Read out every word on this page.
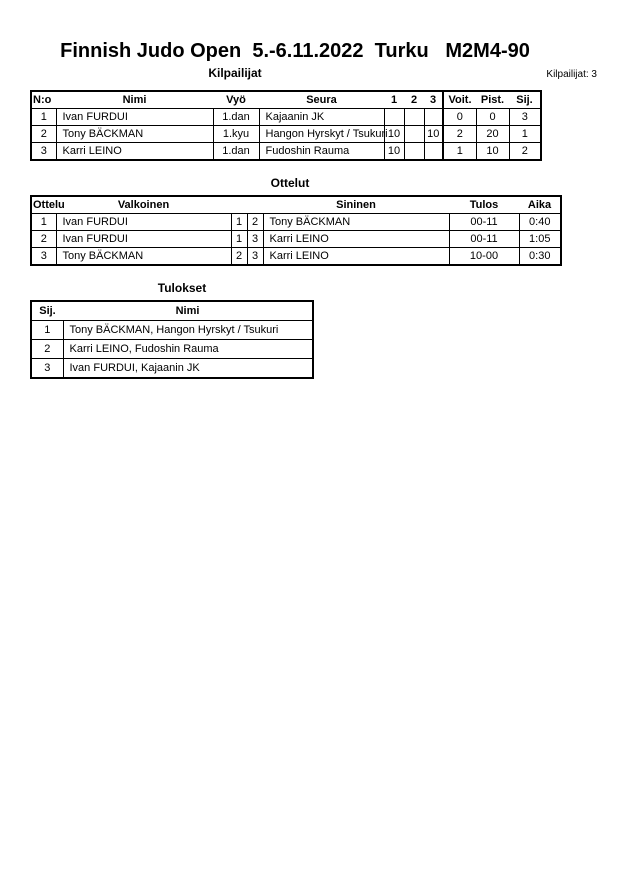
Finnish Judo Open  5.-6.11.2022  Turku   M2M4-90
Kilpailijat	Kilpailijat: 3
N:o	Nimi	Vyö	Seura	1	2	3	Voit.	Pist.	Sij.
1	Ivan FURDUI	1.dan	Kajaanin JK				0	0	3
2	Tony BÄCKMAN	1.kyu	Hangon Hyrskyt / Tsukuri	10		10	2	20	1
3	Karri LEINO	1.dan	Fudoshin Rauma	10			1	10	2
Ottelut
Ottelu	Valkoinen			Sininen	Tulos	Aika
1	Ivan FURDUI	1	2	Tony BÄCKMAN	00-11	0:40
2	Ivan FURDUI	1	3	Karri LEINO	00-11	1:05
3	Tony BÄCKMAN	2	3	Karri LEINO	10-00	0:30
Tulokset
Sij.	Nimi
1	Tony BÄCKMAN, Hangon Hyrskyt / Tsukuri
2	Karri LEINO, Fudoshin Rauma
3	Ivan FURDUI, Kajaanin JK
